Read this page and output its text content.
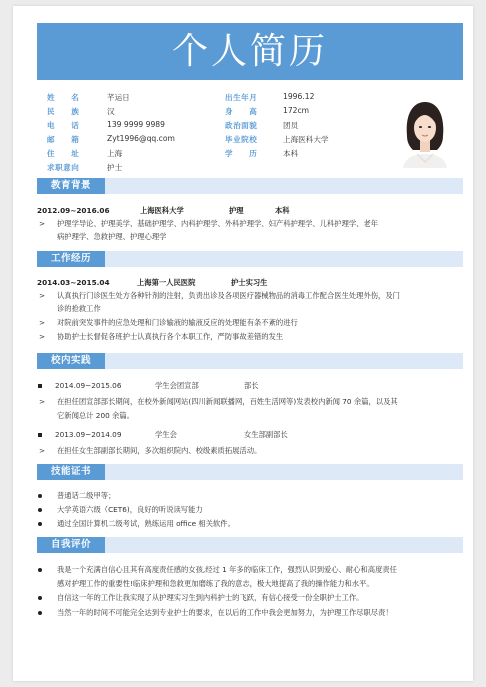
个人简历
姓　　名	芊运日
民　　族	汉
电　　话	139 9999 9989
邮　　箱	Zyt1996@qq.com
住　　址	上海
求职意向	护士
出生年月	1996.12
身　　高	172cm
政治面貌	团员
毕业院校	上海医科大学
学　　历	本科
教育背景
2012.09~2016.06	上海医科大学	护理	本科
> 护理学导论、护理美学、基础护理学、内科护理学、外科护理学、妇产科护理学、儿科护理学、老年
病护理学、急救护理、护理心理学
工作经历
2014.03~2015.04	上海第一人民医院	护士实习生
> 认真执行门诊医生处方各种针剂的注射，负责出诊及各项医疗器械物品的消毒工作配合医生处理外伤，及门
诊的抢救工作
> 对院前突发事件的应急处理和门诊输液的输液反应的处理能有条不紊的进行
> 协助护士长督促各班护士认真执行各个本职工作，严防事故差错的发生
校内实践
2014.09~2015.06	学生会团宣部	部长
> 在担任团宣部部长期间，在校外新闻网站(四川新闻联播网，百姓生活网等)发表校内新闻 70 余篇，以及其
它新闻总计 200 余篇。
2013.09~2014.09	学生会	女生部副部长
> 在担任女生部副部长期间，多次组织院内、校级素质拓展活动。
技能证书
普通话二级甲等；
大学英语六级（CET6)，良好的听说读写能力
通过全国计算机二级考试，熟练运用 office 相关软件。
自我评价
我是一个充满自信心且其有高度责任感的女孩,经过 1 年多的临床工作，强烈认识到爱心、耐心和高度责任
感对护理工作的重要性!临床护理和急救更加磨练了我的意志，极大地提高了我的操作能力和水平。
自信这一年的工作让我实现了从护理实习生到内科护士的飞跃，有信心接受一份全职护士工作。
当然一年的时间不可能完全达到专业护士的要求，在以后的工作中我会更加努力，为护理工作尽职尽责！
